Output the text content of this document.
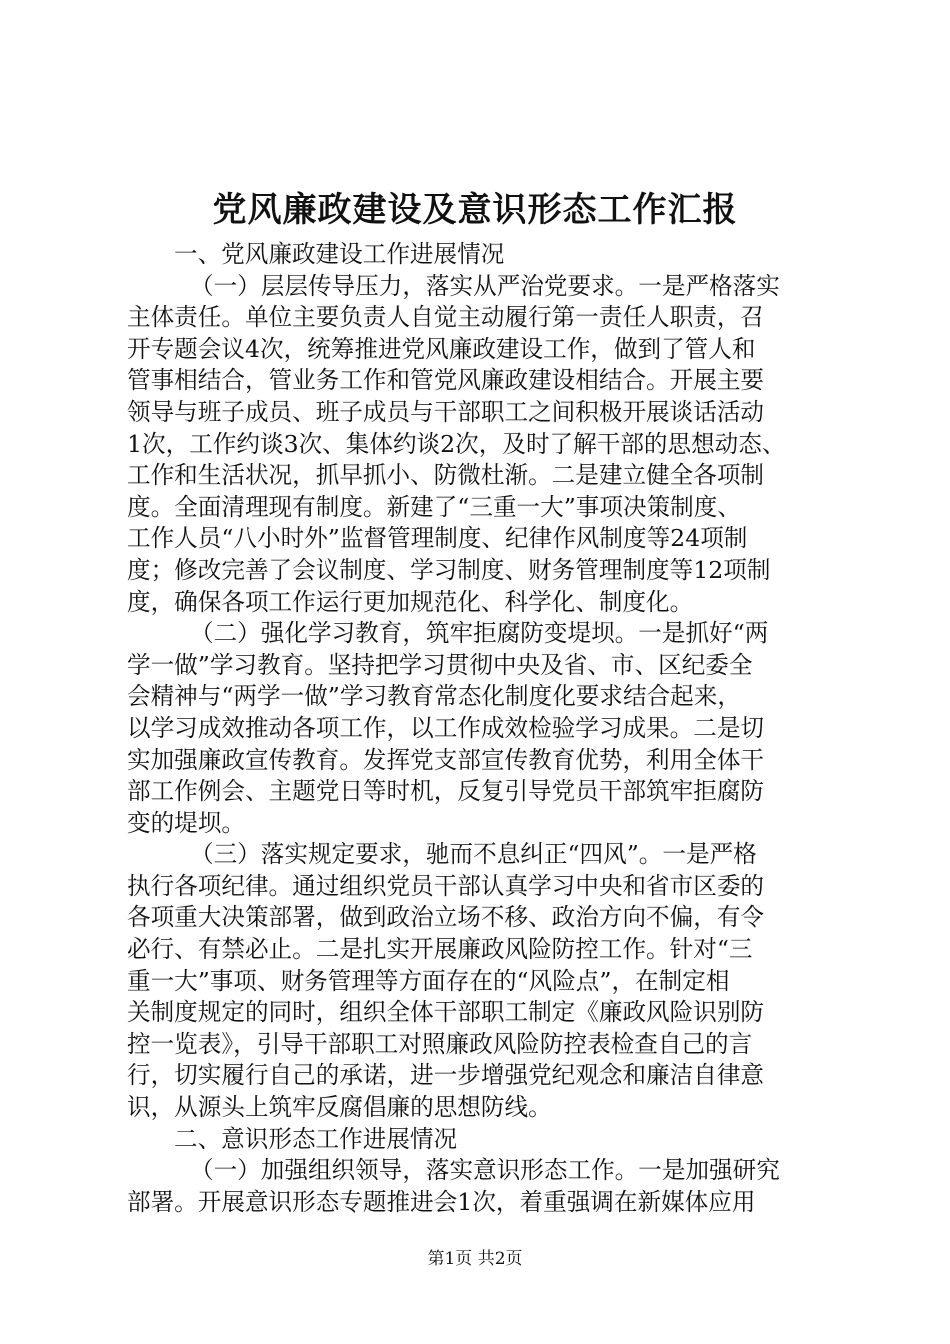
党风廉政建设及意识形态工作汇报
一、党风廉政建设工作进展情况
（一）层层传导压力，落实从严治党要求。一是严格落实
主体责任。单位主要负责人自觉主动履行第一责任人职责，召
开专题会议4次，统筹推进党风廉政建设工作，做到了管人和
管事相结合，管业务工作和管党风廉政建设相结合。开展主要
领导与班子成员、班子成员与干部职工之间积极开展谈话活动
1次，工作约谈3次、集体约谈2次，及时了解干部的思想动态、
工作和生活状况，抓早抓小、防微杜渐。二是建立健全各项制
度。全面清理现有制度。新建了“三重一大”事项决策制度、
工作人员“八小时外”监督管理制度、纪律作风制度等24项制
度；修改完善了会议制度、学习制度、财务管理制度等12项制
度，确保各项工作运行更加规范化、科学化、制度化。
（二）强化学习教育，筑牢拒腐防变堤坝。一是抓好“两
学一做”学习教育。坚持把学习贯彻中央及省、市、区纪委全
会精神与“两学一做”学习教育常态化制度化要求结合起来，
以学习成效推动各项工作，以工作成效检验学习成果。二是切
实加强廉政宣传教育。发挥党支部宣传教育优势，利用全体干
部工作例会、主题党日等时机，反复引导党员干部筑牢拒腐防
变的堤坝。
（三）落实规定要求，驰而不息纠正“四风”。一是严格
执行各项纪律。通过组织党员干部认真学习中央和省市区委的
各项重大决策部署，做到政治立场不移、政治方向不偏，有令
必行、有禁必止。二是扎实开展廉政风险防控工作。针对“三
重一大”事项、财务管理等方面存在的“风险点”，在制定相
关制度规定的同时，组织全体干部职工制定《廉政风险识别防
控一览表》，引导干部职工对照廉政风险防控表检查自己的言
行，切实履行自己的承诺，进一步增强党纪观念和廉洁自律意
识，从源头上筑牢反腐倡廉的思想防线。
二、意识形态工作进展情况
（一）加强组织领导，落实意识形态工作。一是加强研究
部署。开展意识形态专题推进会1次，着重强调在新媒体应用
第1页 共2页
